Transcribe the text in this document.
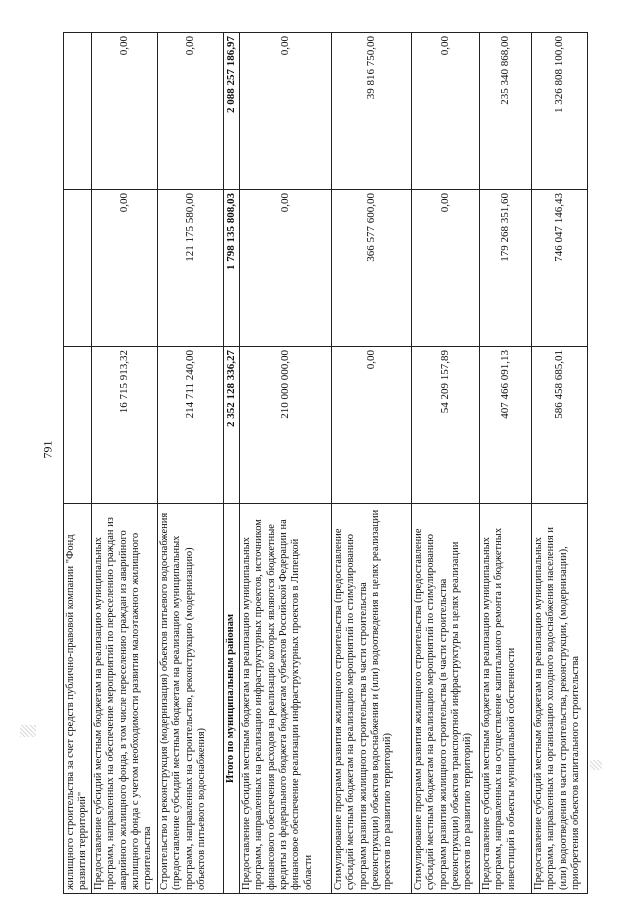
791
жилищного строительства за счет средств публично-правовой компании "Фонд развития территорий"			
Предоставление субсидий местным бюджетам на реализацию муниципальных программ, направленных на обеспечение мероприятий по переселению граждан из аварийного жилищного фонда, в том числе переселению граждан из аварийного жилищного фонда с учетом необходимости развития малоэтажного жилищного строительства	16 715 913,32	0,00	0,00
Строительство и реконструкция (модернизация) объектов питьевого водоснабжения (предоставление субсидий местным бюджетам на реализацию муниципальных программ, направленных на строительство, реконструкцию (модернизацию) объектов питьевого водоснабжения)	214 711 240,00	121 175 580,00	0,00
Итого по муниципальным районам	2 352 128 336,27	1 798 135 808,03	2 088 257 186,97
Предоставление субсидий местным бюджетам на реализацию муниципальных программ, направленных на реализацию инфраструктурных проектов, источником финансового обеспечения расходов на реализацию которых являются бюджетные кредиты из федерального бюджета бюджетам субъектов Российской Федерации на финансовое обеспечение реализации инфраструктурных проектов в Липецкой области	210 000 000,00	0,00	0,00
Стимулирование программ развития жилищного строительства (предоставление субсидий местным бюджетам на реализацию мероприятий по стимулированию программ развития жилищного строительства в части строительства (реконструкции) объектов водоснабжения и (или) водоотведения в целях реализации проектов по развитию территорий)	0,00	366 577 600,00	39 816 750,00
Стимулирование программ развития жилищного строительства (предоставление субсидий местным бюджетам на реализацию мероприятий по стимулированию программ развития жилищного строительства (в части строительства (реконструкции) объектов транспортной инфраструктуры в целях реализации проектов по развитию территорий)	54 209 157,89	0,00	0,00
Предоставление субсидий местным бюджетам на реализацию муниципальных программ, направленных на осуществление капитального ремонта и бюджетных инвестиций в объекты муниципальной собственности	407 466 091,13	179 268 351,60	235 340 868,00
Предоставление субсидий местным бюджетам на реализацию муниципальных программ, направленных на организацию холодного водоснабжения населения и (или) водоотведения в части строительства, реконструкции, (модернизации), приобретения объектов капитального строительства	586 458 685,01	746 047 146,43	1 326 808 100,00
